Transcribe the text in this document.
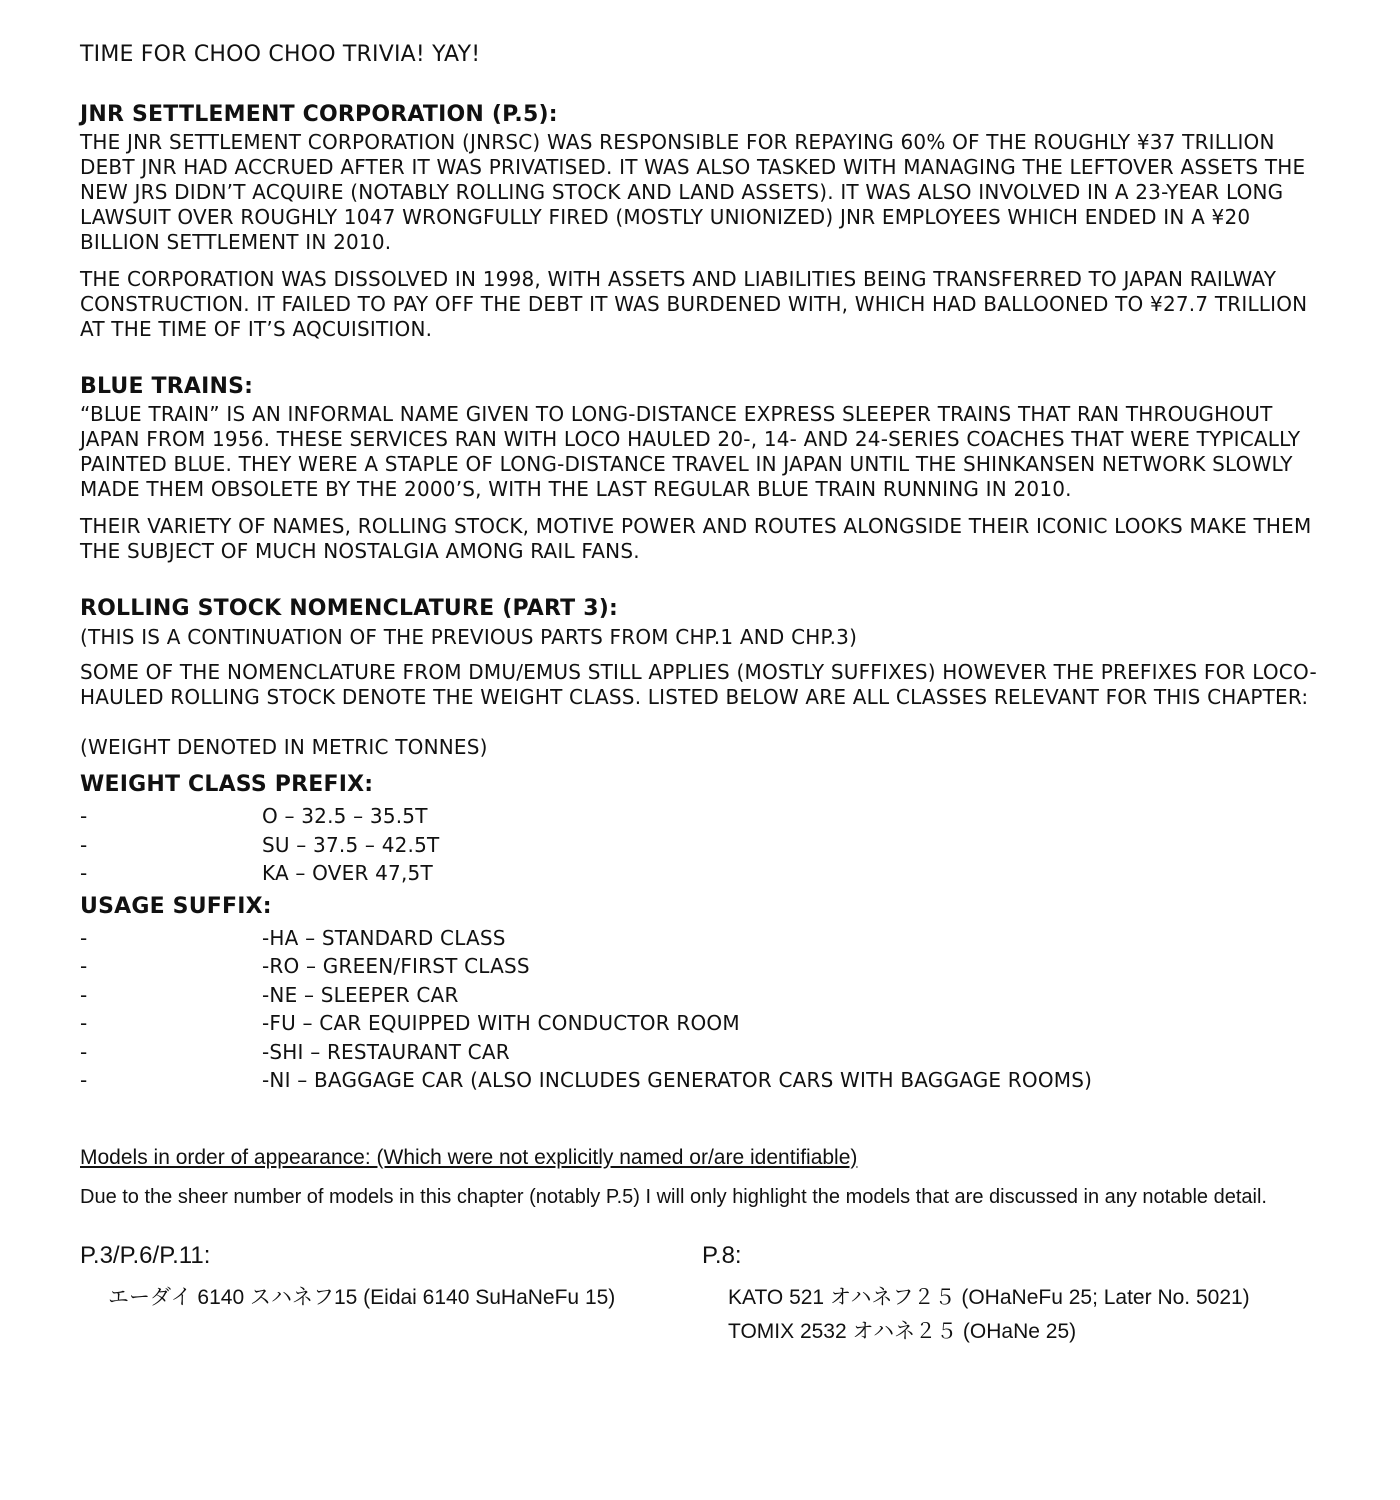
TIME FOR CHOO CHOO TRIVIA! YAY!

JNR SETTLEMENT CORPORATION (P.5):

THE JNR SETTLEMENT CORPORATION (JNRSC) WAS RESPONSIBLE FOR REPAYING 60% OF THE ROUGHLY ¥37 TRILLION DEBT JNR HAD ACCRUED AFTER IT WAS PRIVATISED. IT WAS ALSO TASKED WITH MANAGING THE LEFTOVER ASSETS THE NEW JRS DIDN’T ACQUIRE (NOTABLY ROLLING STOCK AND LAND ASSETS). IT WAS ALSO INVOLVED IN A 23-YEAR LONG LAWSUIT OVER ROUGHLY 1047 WRONGFULLY FIRED (MOSTLY UNIONIZED) JNR EMPLOYEES WHICH ENDED IN A ¥20 BILLION SETTLEMENT IN 2010.

THE CORPORATION WAS DISSOLVED IN 1998, WITH ASSETS AND LIABILITIES BEING TRANSFERRED TO JAPAN RAILWAY CONSTRUCTION. IT FAILED TO PAY OFF THE DEBT IT WAS BURDENED WITH, WHICH HAD BALLOONED TO ¥27.7 TRILLION AT THE TIME OF IT’S AQCUISITION.

BLUE TRAINS:

“BLUE TRAIN” IS AN INFORMAL NAME GIVEN TO LONG-DISTANCE EXPRESS SLEEPER TRAINS THAT RAN THROUGHOUT JAPAN FROM 1956. THESE SERVICES RAN WITH LOCO HAULED 20-, 14- AND 24-SERIES COACHES THAT WERE TYPICALLY PAINTED BLUE. THEY WERE A STAPLE OF LONG-DISTANCE TRAVEL IN JAPAN UNTIL THE SHINKANSEN NETWORK SLOWLY MADE THEM OBSOLETE BY THE 2000’S, WITH THE LAST REGULAR BLUE TRAIN RUNNING IN 2010.

THEIR VARIETY OF NAMES, ROLLING STOCK, MOTIVE POWER AND ROUTES ALONGSIDE THEIR ICONIC LOOKS MAKE THEM THE SUBJECT OF MUCH NOSTALGIA AMONG RAIL FANS.

ROLLING STOCK NOMENCLATURE (PART 3):

(THIS IS A CONTINUATION OF THE PREVIOUS PARTS FROM CHP.1 AND CHP.3)

SOME OF THE NOMENCLATURE FROM DMU/EMUS STILL APPLIES (MOSTLY SUFFIXES) HOWEVER THE PREFIXES FOR LOCO-HAULED ROLLING STOCK DENOTE THE WEIGHT CLASS. LISTED BELOW ARE ALL CLASSES RELEVANT FOR THIS CHAPTER:

(WEIGHT DENOTED IN METRIC TONNES)

WEIGHT CLASS PREFIX:

-	O – 32.5 – 35.5T
-	SU – 37.5 – 42.5T
-	KA – OVER 47,5T

USAGE SUFFIX:

-	-HA – STANDARD CLASS
-	-RO – GREEN/FIRST CLASS
-	-NE – SLEEPER CAR
-	-FU – CAR EQUIPPED WITH CONDUCTOR ROOM
-	-SHI – RESTAURANT CAR
-	-NI – BAGGAGE CAR (ALSO INCLUDES GENERATOR CARS WITH BAGGAGE ROOMS)

Models in order of appearance: (Which were not explicitly named or/are identifiable)

Due to the sheer number of models in this chapter (notably P.5) I will only highlight the models that are discussed in any notable detail.

P.3/P.6/P.11:

エーダイ 6140 スハネフ15 (Eidai 6140 SuHaNeFu 15)

P.8:

KATO 521 オハネフ２５ (OHaNeFu 25; Later No. 5021)

TOMIX 2532 オハネ２５ (OHaNe 25)
